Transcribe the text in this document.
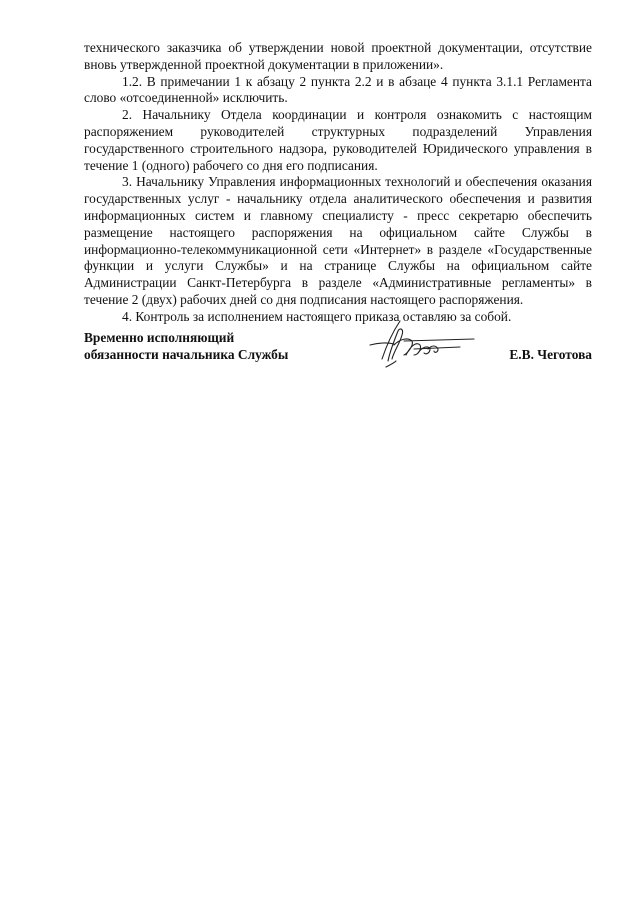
технического заказчика об утверждении новой проектной документации, отсутствие вновь утвержденной проектной документации в приложении».

1.2. В примечании 1 к абзацу 2 пункта 2.2 и в абзаце 4 пункта 3.1.1 Регламента слово «отсоединенной» исключить.

2. Начальнику Отдела координации и контроля ознакомить с настоящим распоряжением руководителей структурных подразделений Управления государственного строительного надзора, руководителей Юридического управления в течение 1 (одного) рабочего со дня его подписания.

3. Начальнику Управления информационных технологий и обеспечения оказания государственных услуг - начальнику отдела аналитического обеспечения и развития информационных систем и главному специалисту - пресс секретарю обеспечить размещение настоящего распоряжения на официальном сайте Службы в информационно-телекоммуникационной сети «Интернет» в разделе «Государственные функции и услуги Службы» и на странице Службы на официальном сайте Администрации Санкт-Петербурга в разделе «Административные регламенты» в течение 2 (двух) рабочих дней со дня подписания настоящего распоряжения.

4. Контроль за исполнением настоящего приказа оставляю за собой.

Временно исполняющий
обязанности начальника Службы	Е.В. Чеготова
